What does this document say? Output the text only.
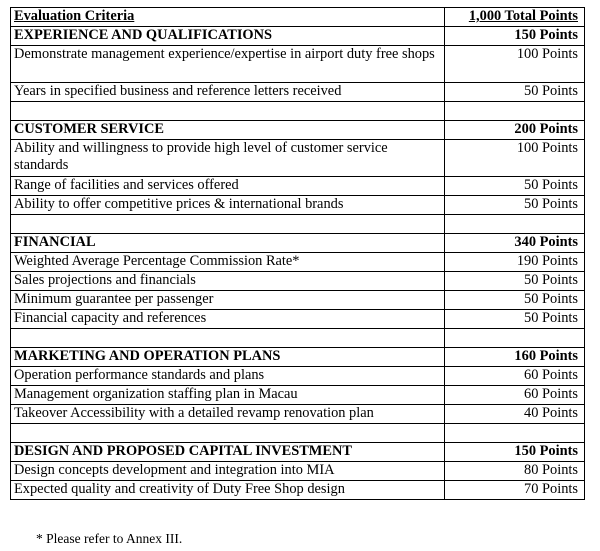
Evaluation Criteria	1,000 Total Points
EXPERIENCE AND QUALIFICATIONS	150 Points
Demonstrate management experience/expertise in airport duty free shops	100 Points
Years in specified business and reference letters received	50 Points

CUSTOMER SERVICE	200 Points
Ability and willingness to provide high level of customer service standards	100 Points
Range of facilities and services offered	50 Points
Ability to offer competitive prices & international brands	50 Points

FINANCIAL	340 Points
Weighted Average Percentage Commission Rate*	190 Points
Sales projections and financials	50 Points
Minimum guarantee per passenger	50 Points
Financial capacity and references	50 Points

MARKETING AND OPERATION PLANS	160 Points
Operation performance standards and plans	60 Points
Management organization staffing plan in Macau	60 Points
Takeover Accessibility with a detailed revamp renovation plan	40 Points

DESIGN AND PROPOSED CAPITAL INVESTMENT	150 Points
Design concepts development and integration into MIA	80 Points
Expected quality and creativity of Duty Free Shop design	70 Points
* Please refer to Annex III.
